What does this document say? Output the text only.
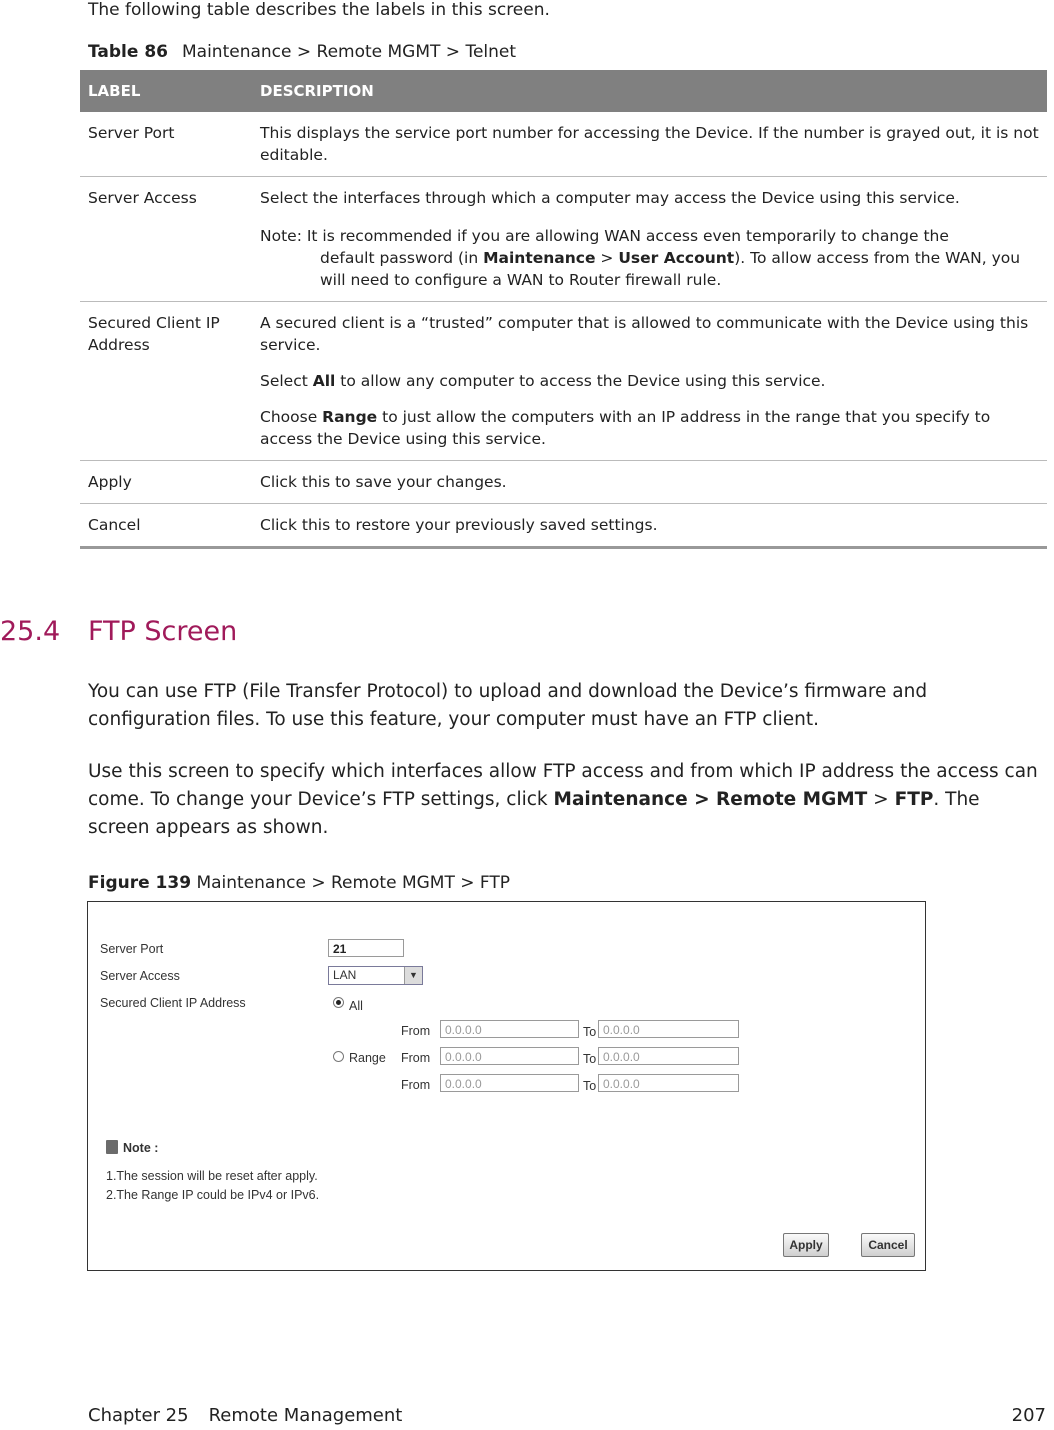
The following table describes the labels in this screen.
Table 86 Maintenance > Remote MGMT > Telnet
LABEL	DESCRIPTION
Server Port	This displays the service port number for accessing the Device. If the number is grayed out, it is not editable.
Server Access	Select the interfaces through which a computer may access the Device using this service.
Note: It is recommended if you are allowing WAN access even temporarily to change the
default password (in Maintenance > User Account). To allow access from the WAN, you will need to configure a WAN to Router firewall rule.

Secured Client IP Address	A secured client is a “trusted” computer that is allowed to communicate with the Device using this service.

Select All to allow any computer to access the Device using this service.

Choose Range to just allow the computers with an IP address in the range that you specify to access the Device using this service.

Apply	Click this to save your changes.
Cancel	Click this to restore your previously saved settings.
25.4 FTP Screen
You can use FTP (File Transfer Protocol) to upload and download the Device’s firmware and configuration files. To use this feature, your computer must have an FTP client.
Use this screen to specify which interfaces allow FTP access and from which IP address the access can come. To change your Device’s FTP settings, click Maintenance > Remote MGMT > FTP. The screen appears as shown.
Figure 139 Maintenance > Remote MGMT > FTP
Server Port	21
Server Access	LAN	▼
Secured Client IP Address	All
From	0.0.0.0	To 0.0.0.0
Range From	0.0.0.0	To 0.0.0.0
From	0.0.0.0	To 0.0.0.0
Note :
1.The session will be reset after apply.
2.The Range IP could be IPv4 or IPv6.
Apply	Cancel
Chapter 25 Remote Management	207
